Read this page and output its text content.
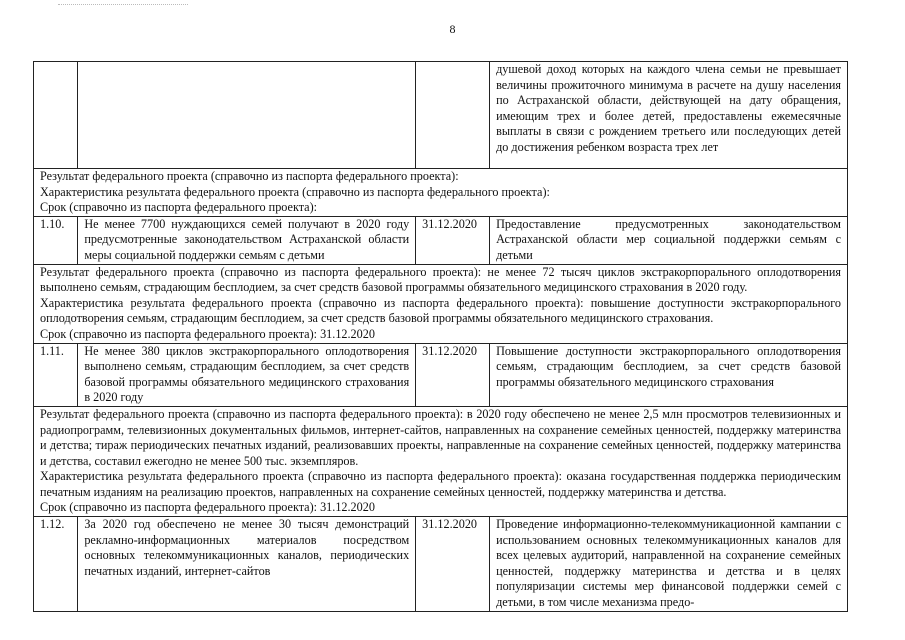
8
			душевой доход которых на каждого члена семьи не превышает величины прожиточного минимума в расчете на душу населения по Астраханской области, действующей на дату обращения, имеющим трех и более детей, предоставлены ежемесячные выплаты в связи с рождением третьего или последующих детей до достижения ребенком возраста трех лет

Результат федерального проекта (справочно из паспорта федерального проекта):
Характеристика результата федерального проекта (справочно из паспорта федерального проекта):
Срок (справочно из паспорта федерального проекта):			

1.10.	Не менее 7700 нуждающихся семей получают в 2020 году предусмотренные законодательством Астраханской области меры социальной поддержки семьям с детьми	31.12.2020	Предоставление предусмотренных законодательством Астраханской области мер социальной поддержки семьям с детьми

Результат федерального проекта (справочно из паспорта федерального проекта): не менее 72 тысяч циклов экстракорпорального оплодотворения выполнено семьям, страдающим бесплодием, за счет средств базовой программы обязательного медицинского страхования в 2020 году.
Характеристика результата федерального проекта (справочно из паспорта федерального проекта): повышение доступности экстракорпорального оплодотворения семьям, страдающим бесплодием, за счет средств базовой программы обязательного медицинского страхования.
Срок (справочно из паспорта федерального проекта): 31.12.2020			

1.11.	Не менее 380 циклов экстракорпорального оплодотворения выполнено семьям, страдающим бесплодием, за счет средств базовой программы обязательного медицинского страхования в 2020 году	31.12.2020	Повышение доступности экстракорпорального оплодотворения семьям, страдающим бесплодием, за счет средств базовой программы обязательного медицинского страхования

Результат федерального проекта (справочно из паспорта федерального проекта): в 2020 году обеспечено не менее 2,5 млн просмотров телевизионных и радиопрограмм, телевизионных документальных фильмов, интернет-сайтов, направленных на сохранение семейных ценностей, поддержку материнства и детства; тираж периодических печатных изданий, реализовавших проекты, направленные на сохранение семейных ценностей, поддержку материнства и детства, составил ежегодно не менее 500 тыс. экземпляров.
Характеристика результата федерального проекта (справочно из паспорта федерального проекта): оказана государственная поддержка периодическим печатным изданиям на реализацию проектов, направленных на сохранение семейных ценностей, поддержку материнства и детства.
Срок (справочно из паспорта федерального проекта): 31.12.2020			

1.12.	За 2020 год обеспечено не менее 30 тысяч демонстраций рекламно-информационных материалов посредством основных телекоммуникационных каналов, периодических печатных изданий, интернет-сайтов	31.12.2020	Проведение информационно-телекоммуникационной кампании с использованием основных телекоммуникационных каналов для всех целевых аудиторий, направленной на сохранение семейных ценностей, поддержку материнства и детства и в целях популяризации системы мер финансовой поддержки семей с детьми, в том числе механизма предо-
